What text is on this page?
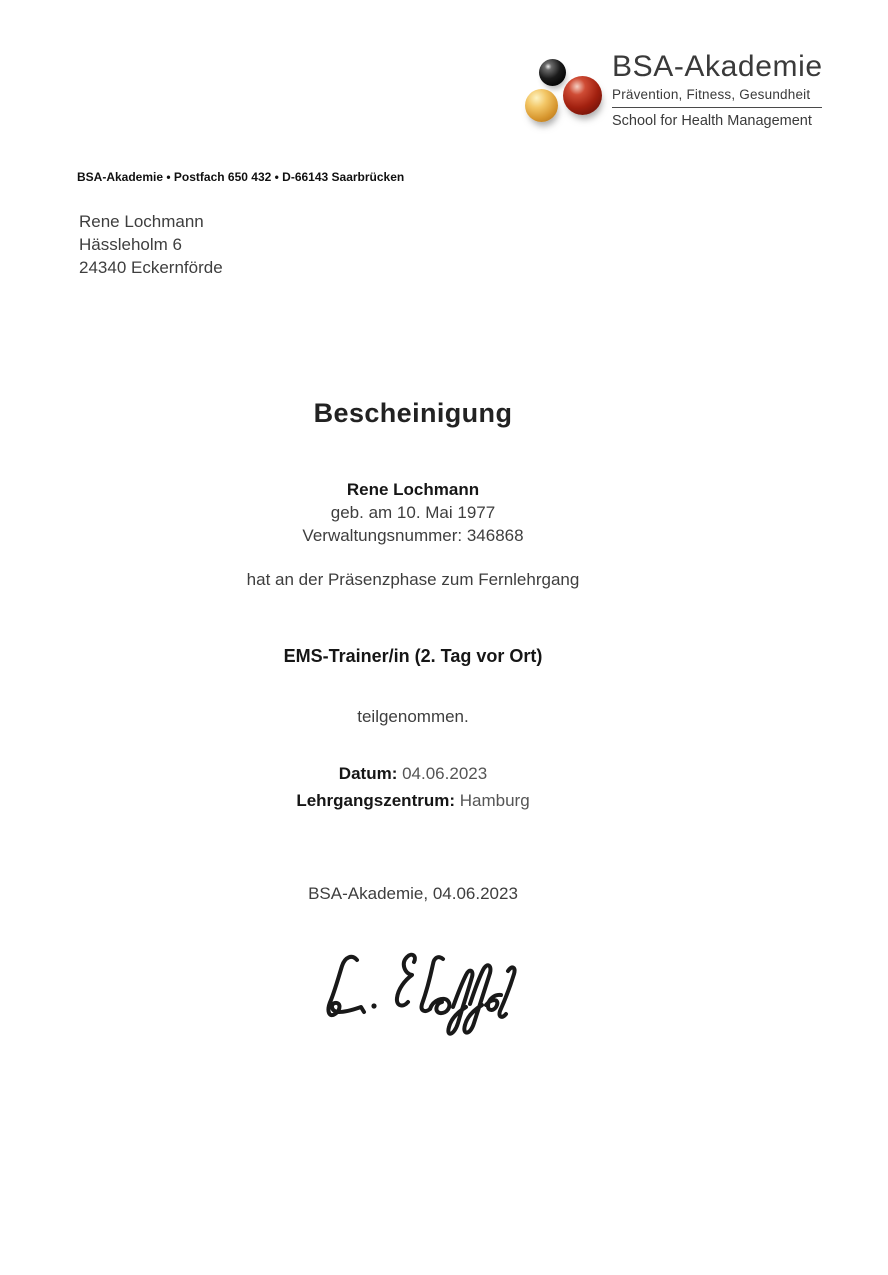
BSA-Akademie
Prävention, Fitness, Gesundheit
School for Health Management
BSA-Akademie • Postfach 650 432 • D-66143 Saarbrücken
Rene Lochmann
Hässleholm 6
24340 Eckernförde
Bescheinigung
Rene Lochmann
geb. am 10. Mai 1977
Verwaltungsnummer: 346868
hat an der Präsenzphase zum Fernlehrgang
EMS-Trainer/in (2. Tag vor Ort)
teilgenommen.
Datum: 04.06.2023
Lehrgangszentrum: Hamburg
BSA-Akademie, 04.06.2023
